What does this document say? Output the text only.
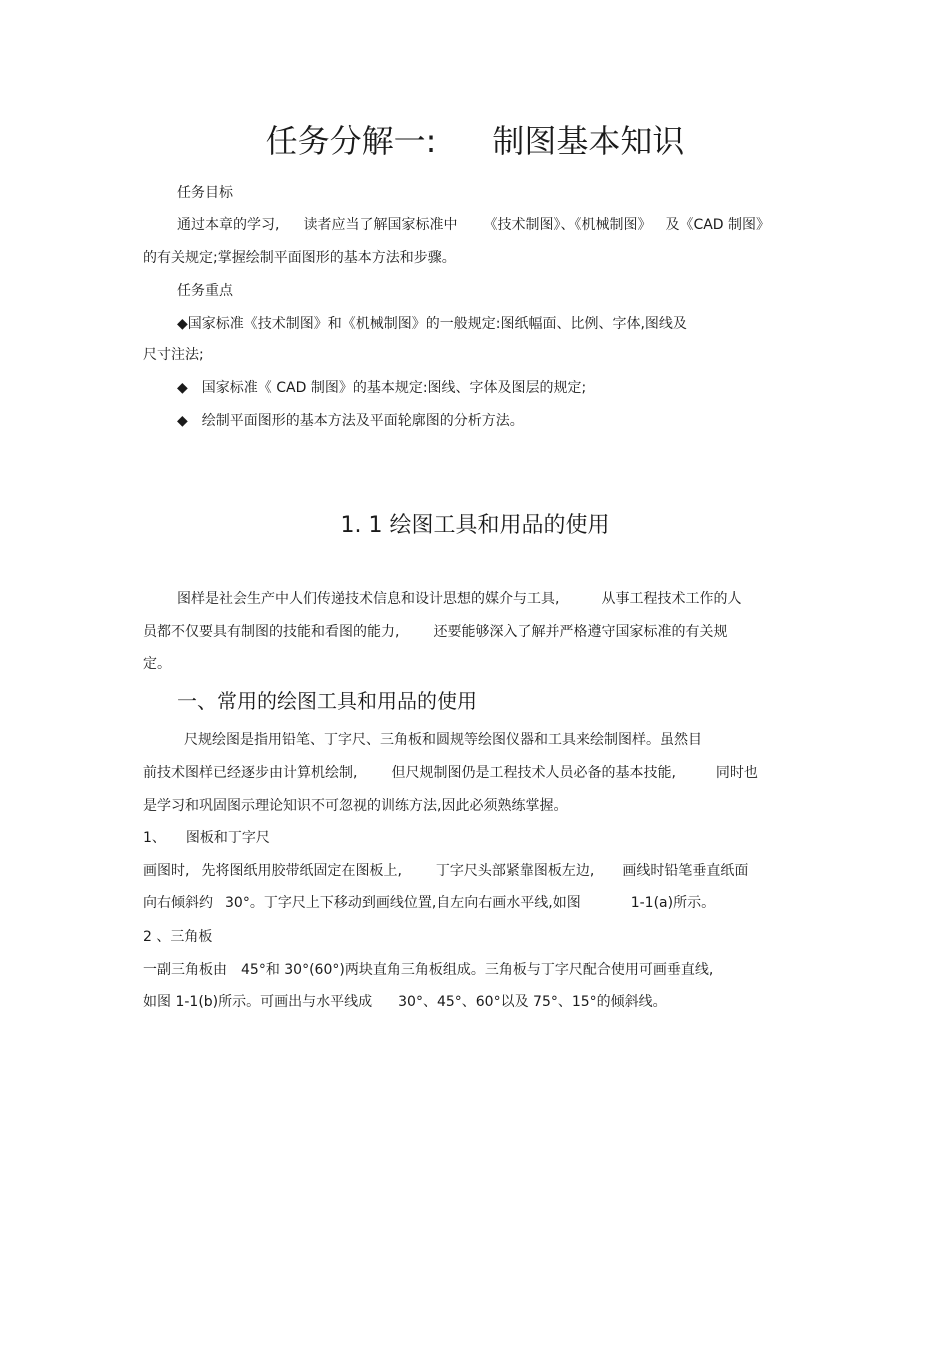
任务分解一: 制图基本知识
任务目标
通过本章的学习, 读者应当了解国家标准中 《技术制图》、《机械制图》 及《CAD 制图》
的有关规定;掌握绘制平面图形的基本方法和步骤。
任务重点
◆国家标准《技术制图》和《机械制图》的一般规定:图纸幅面、比例、字体,图线及
尺寸注法;
◆ 国家标准《 CAD 制图》的基本规定:图线、字体及图层的规定;
◆ 绘制平面图形的基本方法及平面轮廓图的分析方法。
1. 1 绘图工具和用品的使用
图样是社会生产中人们传递技术信息和设计思想的媒介与工具,	从事工程技术工作的人
员都不仅要具有制图的技能和看图的能力, 还要能够深入了解并严格遵守国家标准的有关规
定。
一、常用的绘图工具和用品的使用
尺规绘图是指用铅笔、丁字尺、三角板和圆规等绘图仪器和工具来绘制图样。虽然目
前技术图样已经逐步由计算机绘制, 但尺规制图仍是工程技术人员必备的基本技能,	同时也
是学习和巩固图示理论知识不可忽视的训练方法,因此必须熟练掌握。
1、 图板和丁字尺
画图时, 先将图纸用胶带纸固定在图板上, 丁字尺头部紧靠图板左边, 画线时铅笔垂直纸面
向右倾斜约 30°。丁字尺上下移动到画线位置,自左向右画水平线,如图	1-1(a)所示。
2 、三角板
一副三角板由 45°和 30°(60°)两块直角三角板组成。三角板与丁字尺配合使用可画垂直线,
如图 1-1(b)所示。可画出与水平线成 30°、45°、60°以及 75°、15°的倾斜线。
